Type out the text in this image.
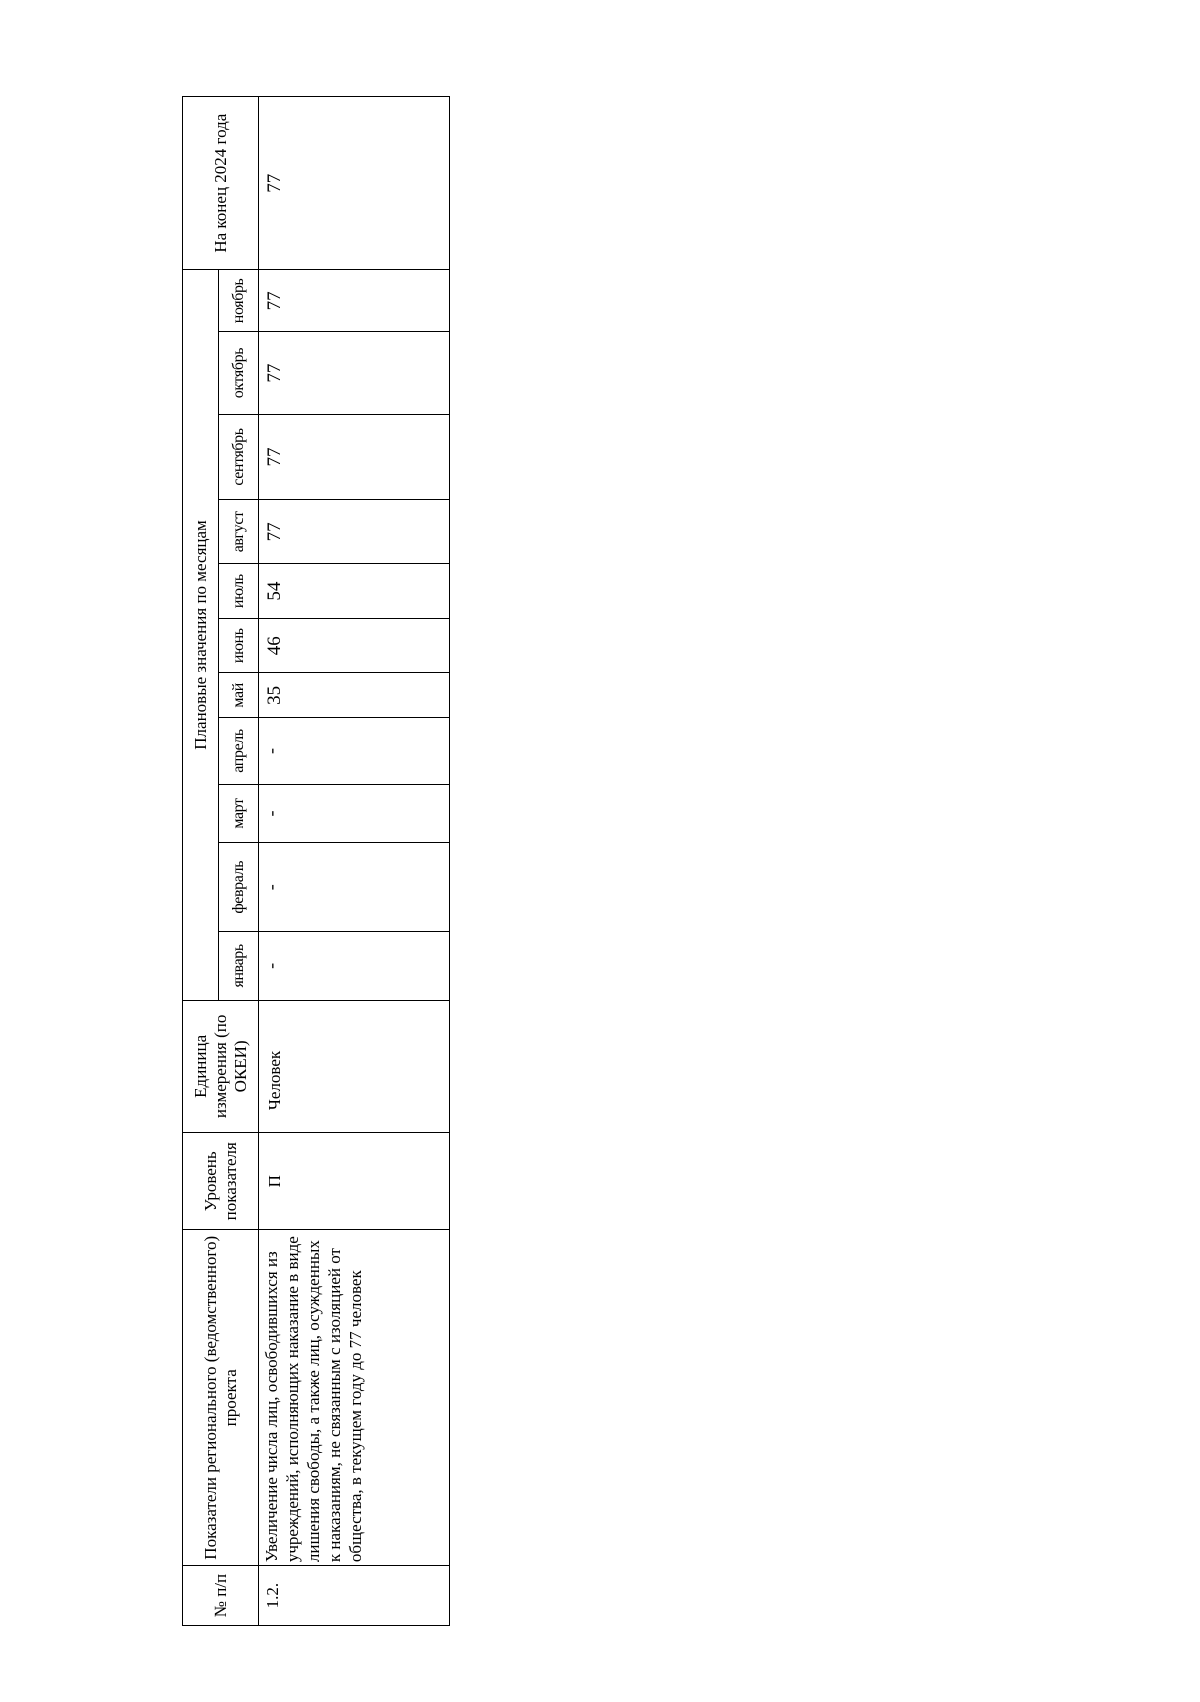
№ п/п	Показатели регионального (ведомственного) проекта	Уровень показателя	Единица измерения (по ОКЕИ)	Плановые значения по месяцам											На конец 2024 года
				январь	февраль	март	апрель	май	июнь	июль	август	сентябрь	октябрь	ноябрь	
1.2.	Увеличение числа лиц, освободившихся из учреждений, исполняющих наказание в виде лишения свободы, а также лиц, осужденных к наказаниям, не связанным с изоляцией от общества, в текущем году до 77 человек	П	Человек	-	-	-	-	35	46	54	77	77	77	77	77
